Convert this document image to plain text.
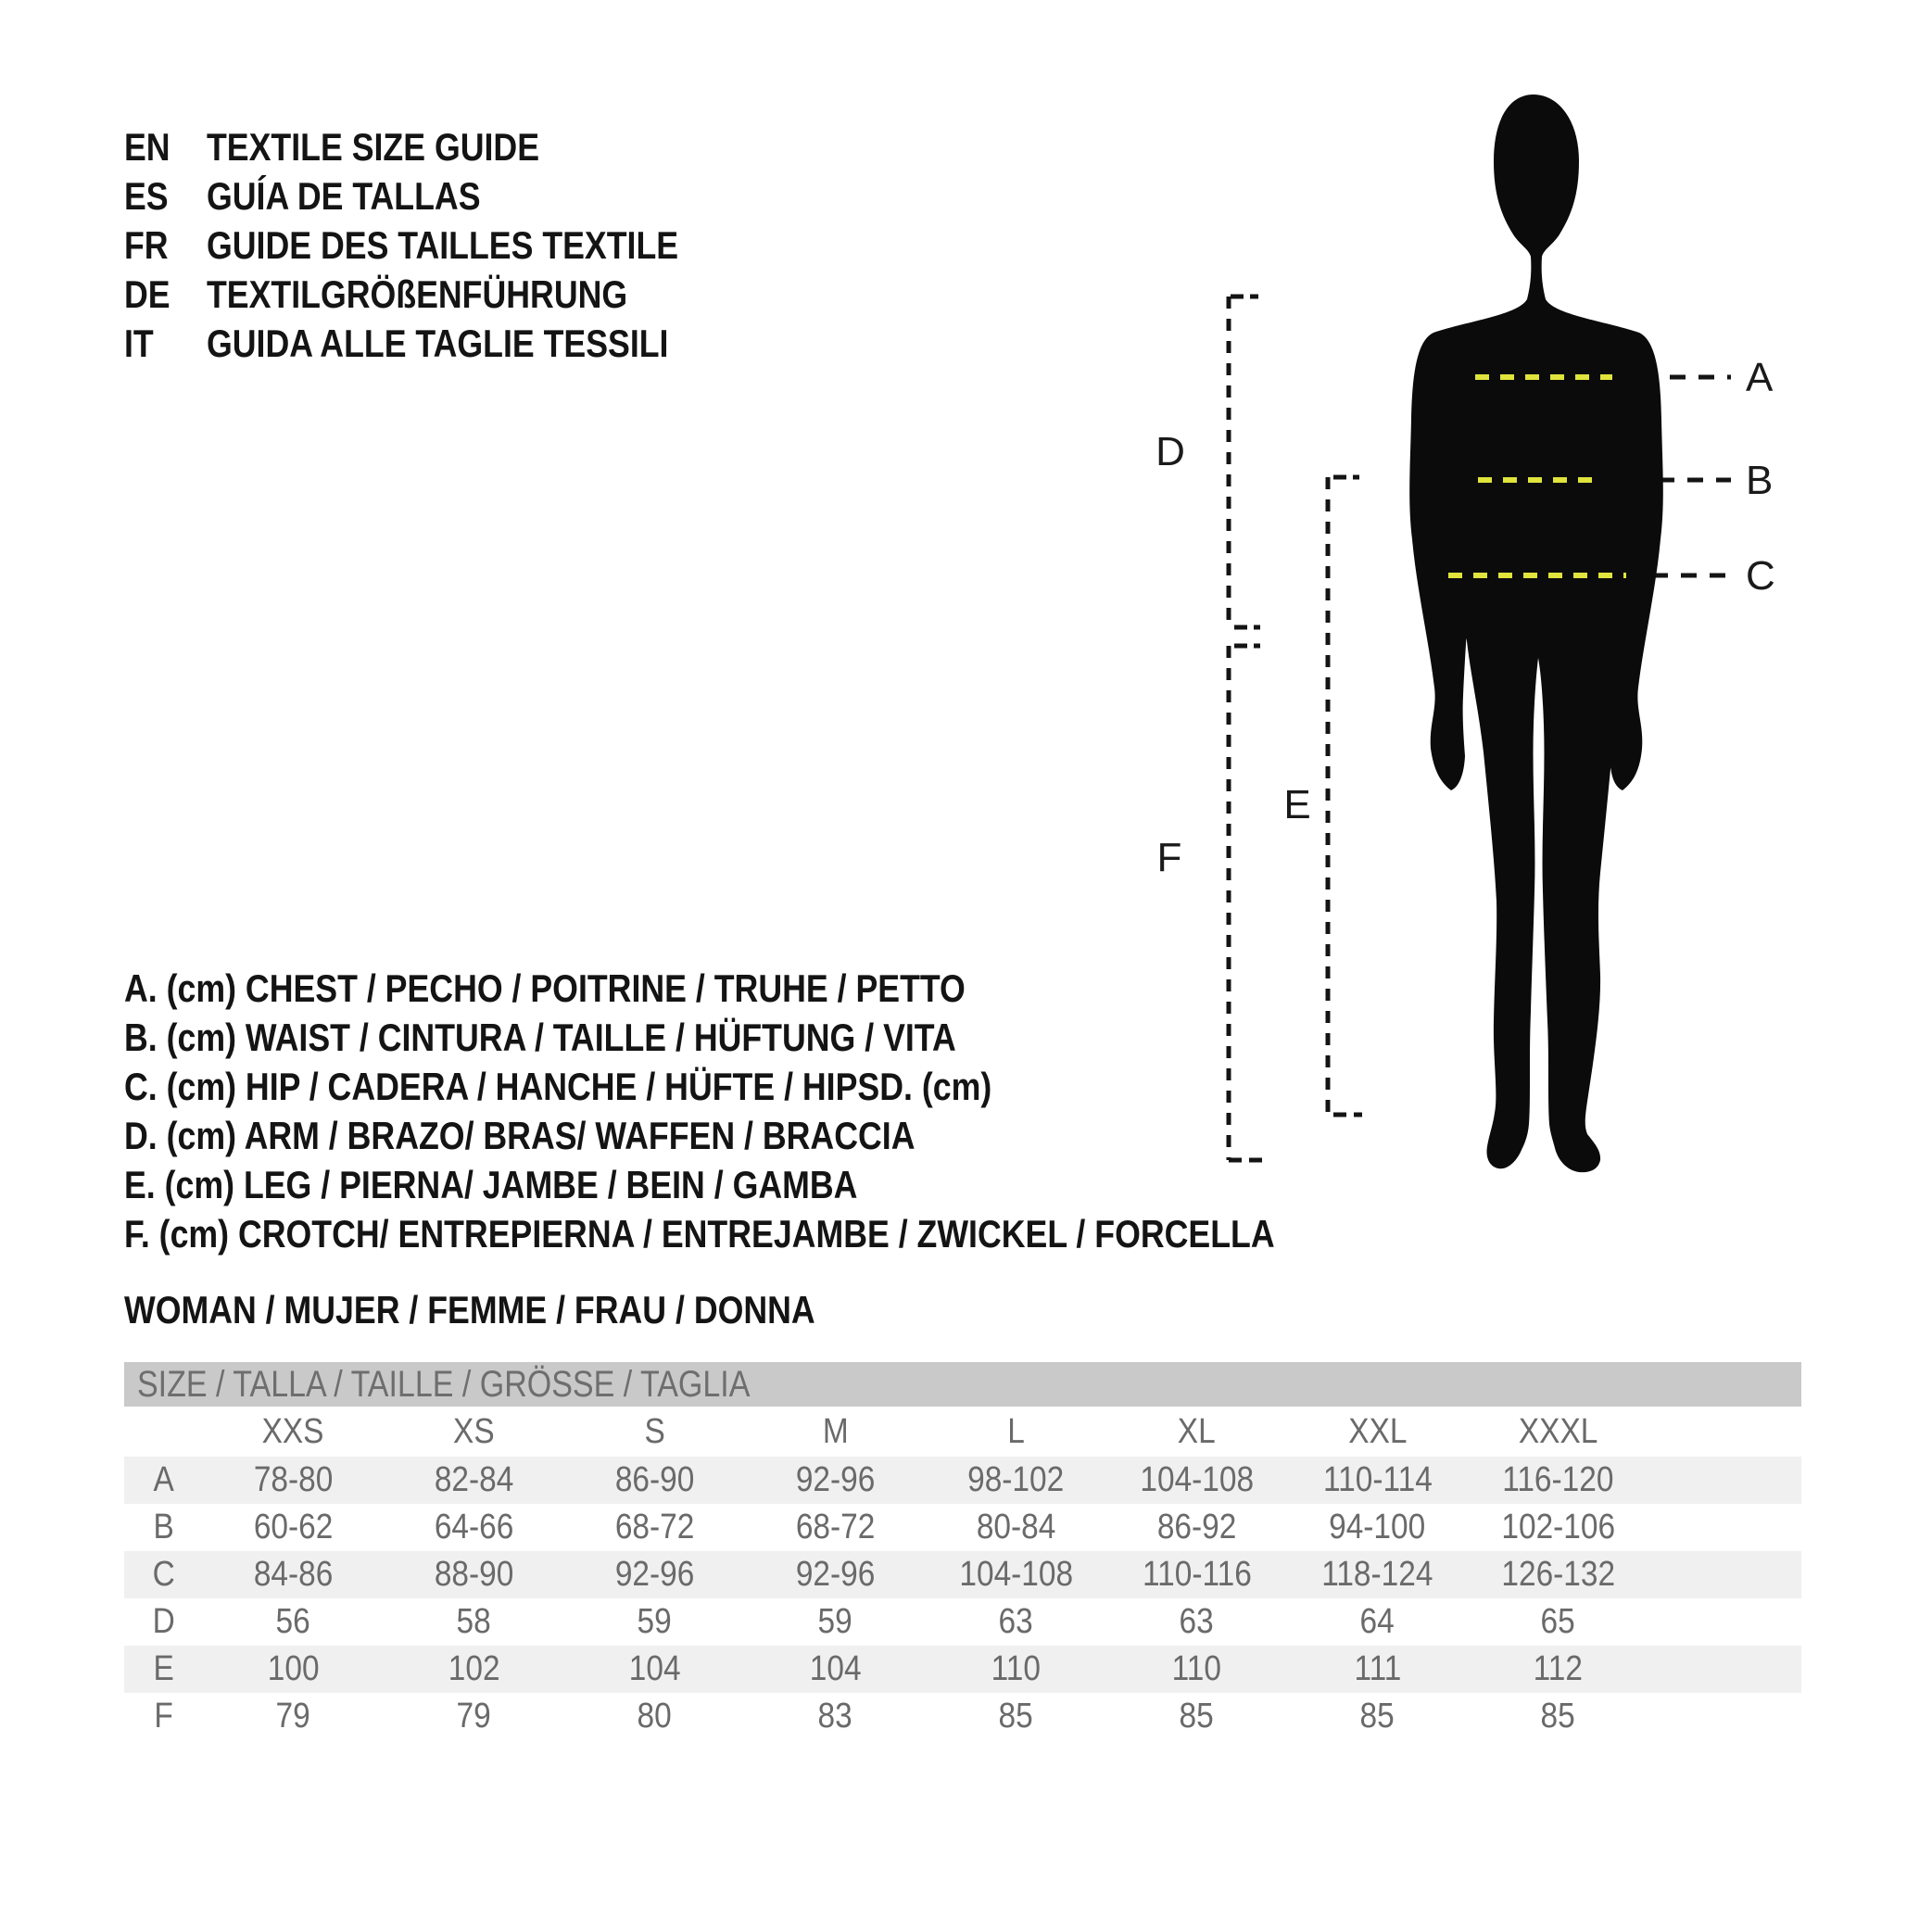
EN TEXTILE SIZE GUIDE
ES GUÍA DE TALLAS
FR GUIDE DES TAILLES TEXTILE
DE TEXTILGRÖßENFÜHRUNG
IT	GUIDA ALLE TAGLIE TESSILI
A
B
C
D
E
F
A. (cm) CHEST / PECHO / POITRINE / TRUHE / PETTO
B. (cm) WAIST / CINTURA / TAILLE / HÜFTUNG / VITA
C. (cm) HIP / CADERA / HANCHE / HÜFTE / HIPSD. (cm)
D. (cm) ARM / BRAZO/ BRAS/ WAFFEN / BRACCIA
E. (cm) LEG / PIERNA/ JAMBE / BEIN / GAMBA
F. (cm) CROTCH/ ENTREPIERNA / ENTREJAMBE / ZWICKEL / FORCELLA
WOMAN / MUJER / FEMME / FRAU / DONNA
SIZE / TALLA / TAILLE / GRÖSSE / TAGLIA
XXS	XS	S	M	L	XL	XXL	XXXL
A 78-80	82-84	86-90	92-96	98-102 104-108 110-114 116-120
B 60-62	64-66	68-72	68-72	80-84	86-92	94-100 102-106
C 84-86	88-90	92-96	92-96 104-108 110-116 118-124 126-132
D	56	58	59	59	63	63	64	65
E	100	102	104	104	110	110	111	112
F	79	79	80	83	85	85	85	85
